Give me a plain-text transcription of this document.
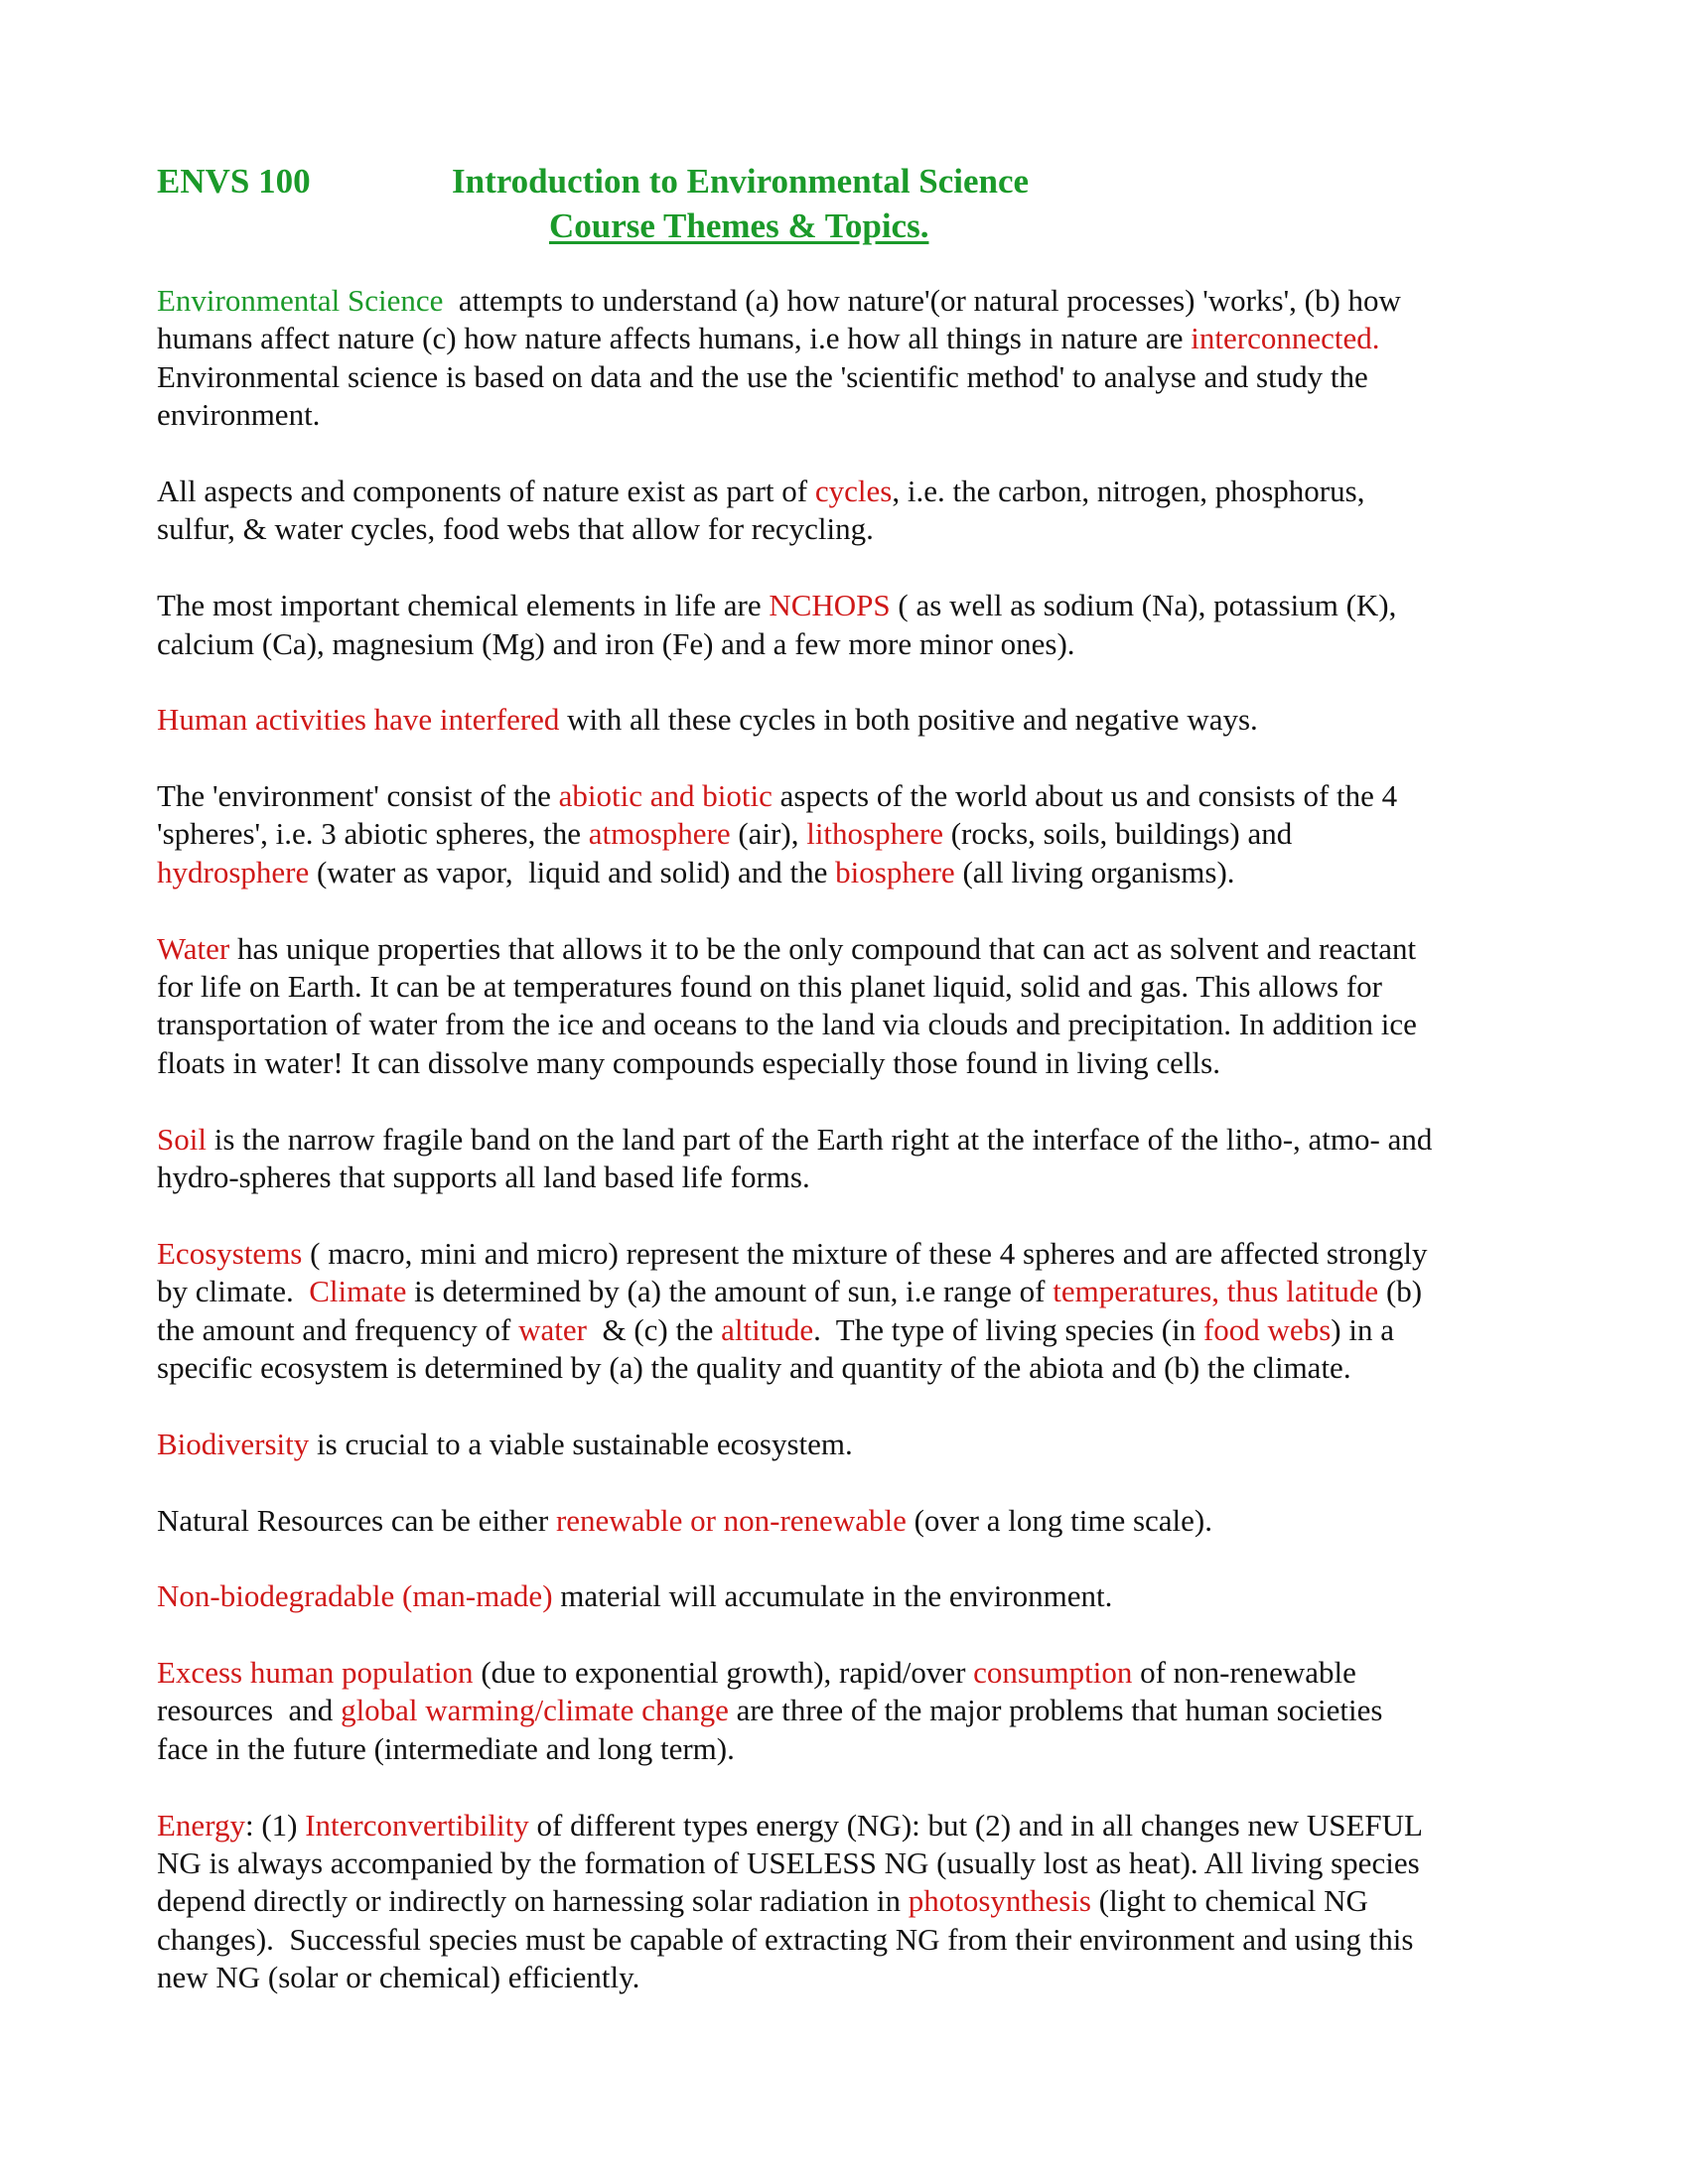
ENVS 100	Introduction to Environmental Science
Course Themes & Topics.

Environmental Science  attempts to understand (a) how nature'(or natural processes) 'works', (b) how
humans affect nature (c) how nature affects humans, i.e how all things in nature are interconnected.
Environmental science is based on data and the use the 'scientific method' to analyse and study the
environment.

All aspects and components of nature exist as part of cycles, i.e. the carbon, nitrogen, phosphorus,
sulfur, & water cycles, food webs that allow for recycling.

The most important chemical elements in life are NCHOPS ( as well as sodium (Na), potassium (K),
calcium (Ca), magnesium (Mg) and iron (Fe) and a few more minor ones).

Human activities have interfered with all these cycles in both positive and negative ways.

The 'environment' consist of the abiotic and biotic aspects of the world about us and consists of the 4
'spheres', i.e. 3 abiotic spheres, the atmosphere (air), lithosphere (rocks, soils, buildings) and
hydrosphere (water as vapor,  liquid and solid) and the biosphere (all living organisms).

Water has unique properties that allows it to be the only compound that can act as solvent and reactant
for life on Earth. It can be at temperatures found on this planet liquid, solid and gas. This allows for
transportation of water from the ice and oceans to the land via clouds and precipitation. In addition ice
floats in water! It can dissolve many compounds especially those found in living cells.

Soil is the narrow fragile band on the land part of the Earth right at the interface of the litho-, atmo- and
hydro-spheres that supports all land based life forms.

Ecosystems ( macro, mini and micro) represent the mixture of these 4 spheres and are affected strongly
by climate.  Climate is determined by (a) the amount of sun, i.e range of temperatures, thus latitude (b)
the amount and frequency of water  & (c) the altitude.  The type of living species (in food webs) in a
specific ecosystem is determined by (a) the quality and quantity of the abiota and (b) the climate.

Biodiversity is crucial to a viable sustainable ecosystem.

Natural Resources can be either renewable or non-renewable (over a long time scale).

Non-biodegradable (man-made) material will accumulate in the environment.

Excess human population (due to exponential growth), rapid/over consumption of non-renewable
resources  and global warming/climate change are three of the major problems that human societies
face in the future (intermediate and long term).

Energy: (1) Interconvertibility of different types energy (NG): but (2) and in all changes new USEFUL
NG is always accompanied by the formation of USELESS NG (usually lost as heat). All living species
depend directly or indirectly on harnessing solar radiation in photosynthesis (light to chemical NG
changes).  Successful species must be capable of extracting NG from their environment and using this
new NG (solar or chemical) efficiently.
